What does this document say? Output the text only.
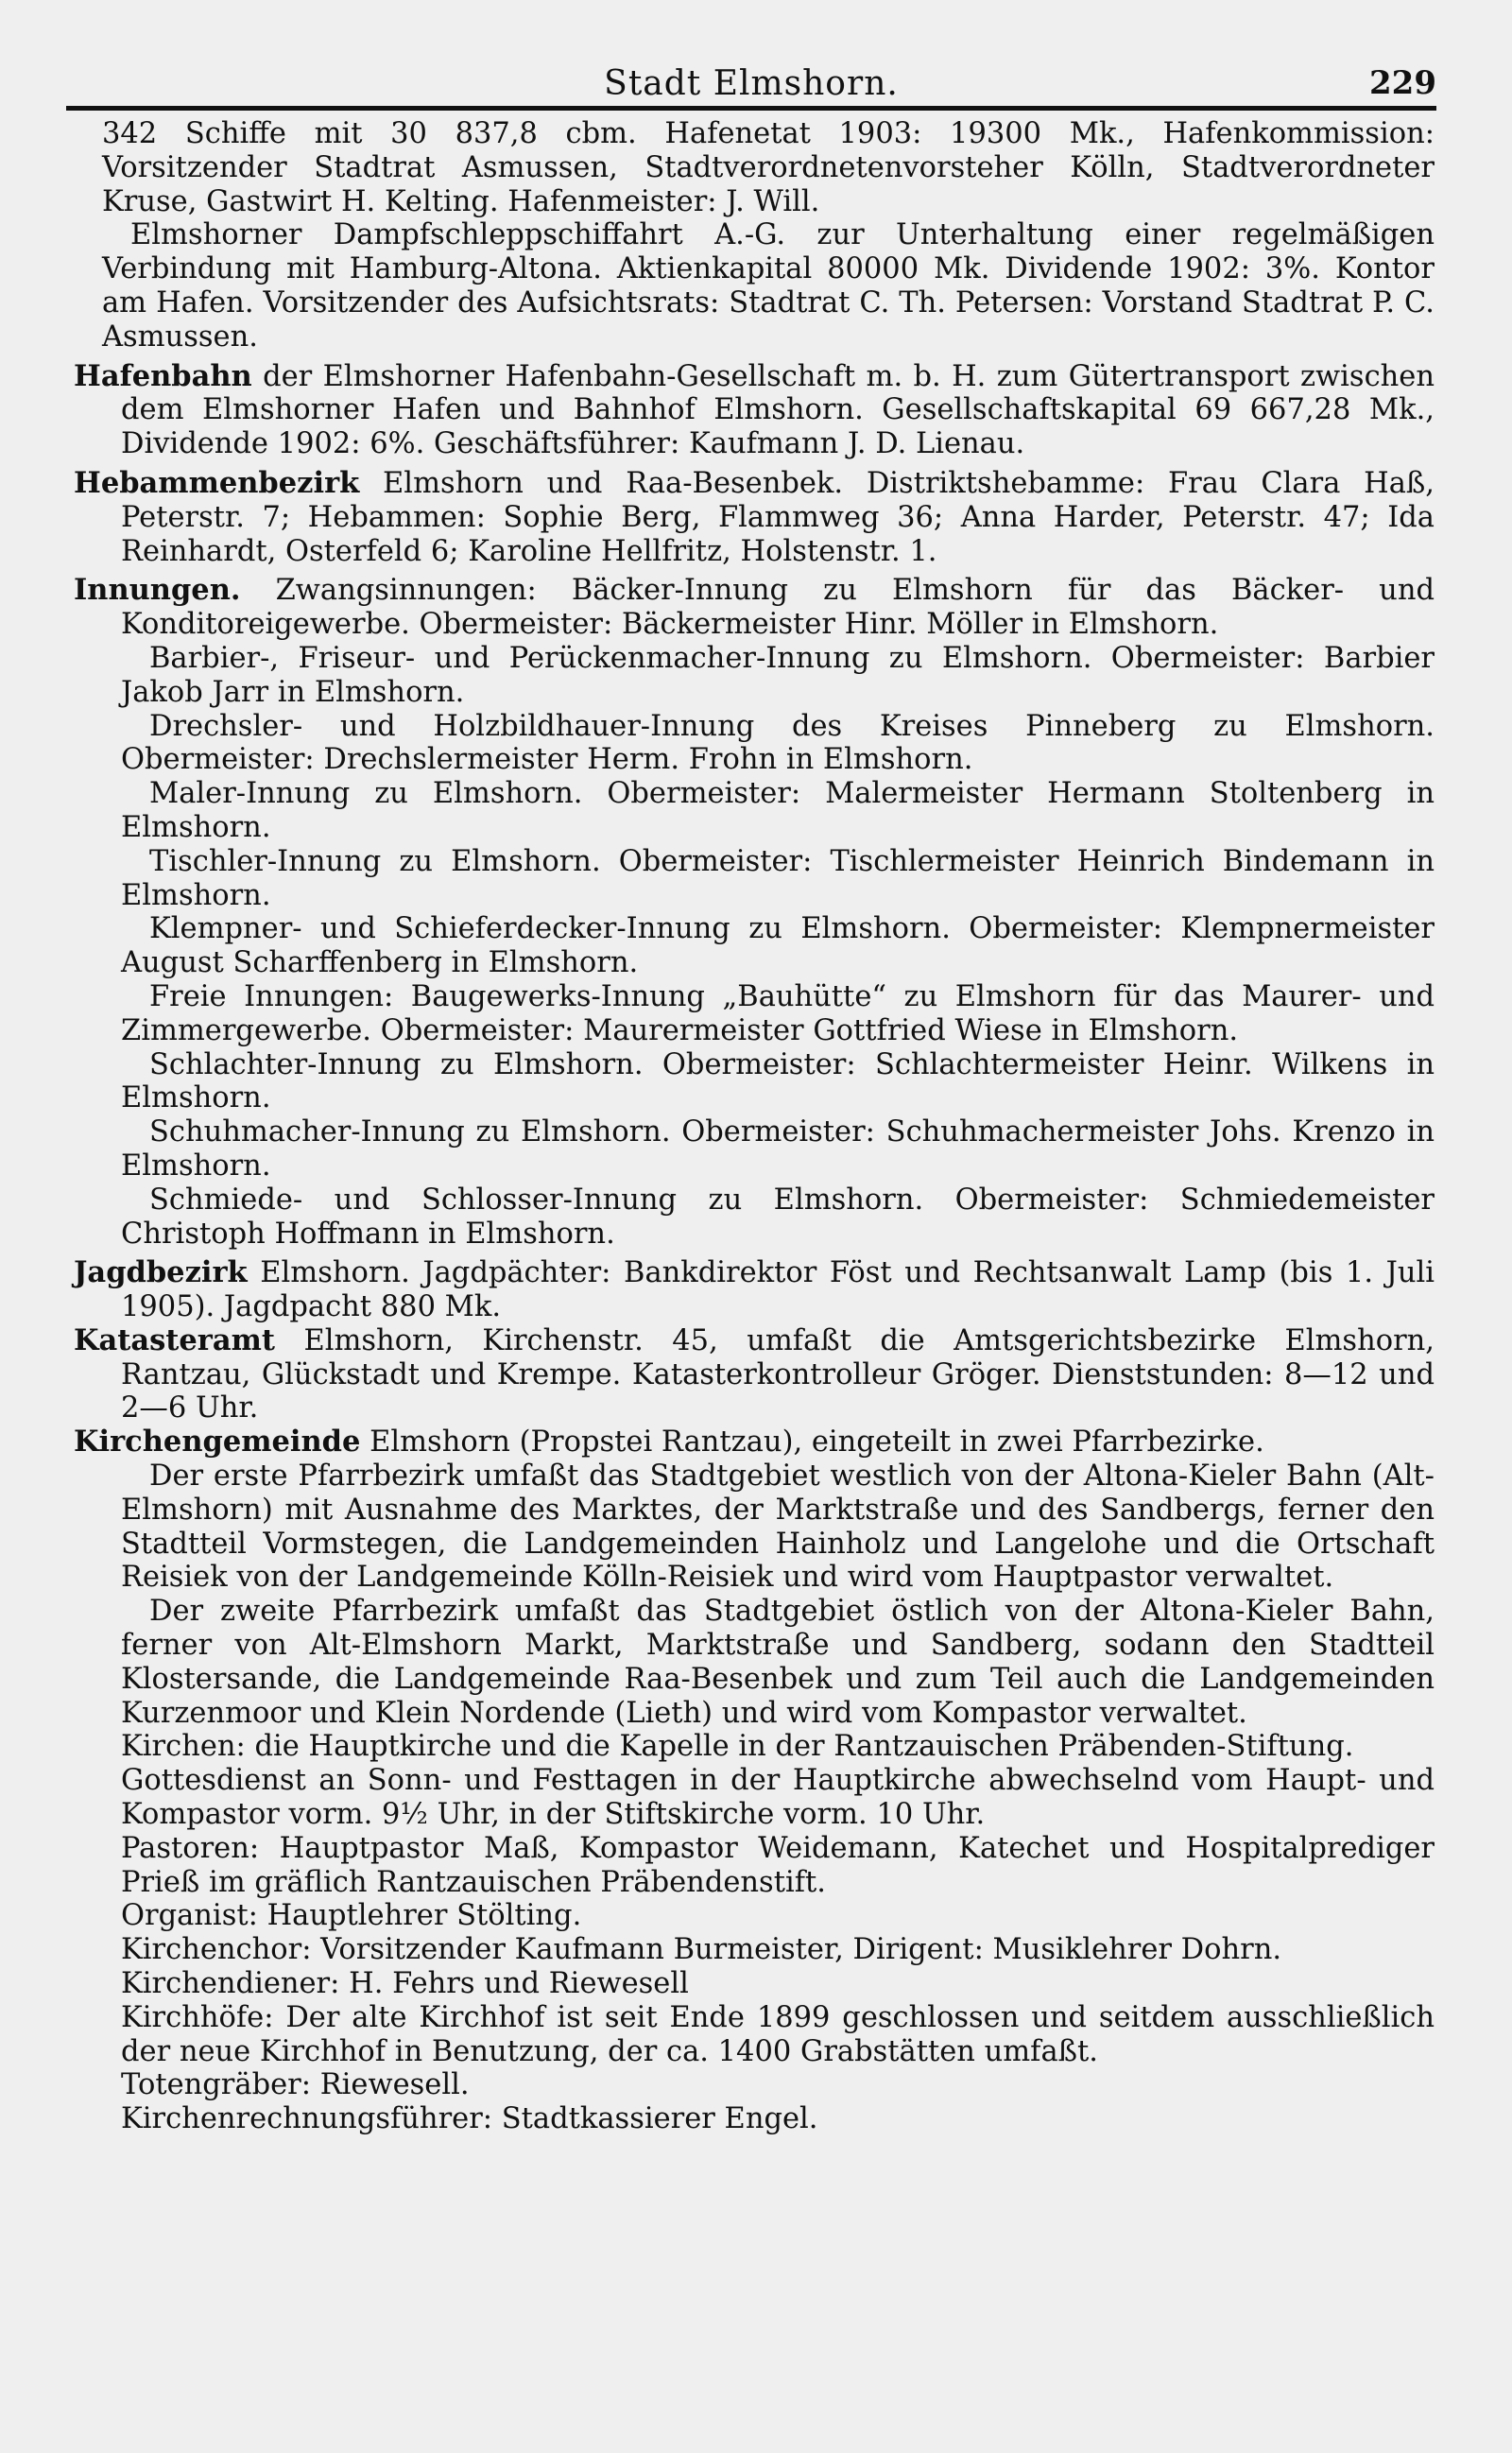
Stadt Elmshorn.	229

342 Schiffe mit 30 837,8 cbm. Hafenetat 1903: 19300 Mk., Hafenkommission: Vorsitzender Stadtrat Asmussen, Stadtverordnetenvorsteher Kölln, Stadtverordneter Kruse, Gastwirt H. Kelting. Hafenmeister: J. Will.

Elmshorner Dampfschleppschiffahrt A.-G. zur Unterhaltung einer regelmäßigen Verbindung mit Hamburg-Altona. Aktienkapital 80000 Mk. Dividende 1902: 3%. Kontor am Hafen. Vorsitzender des Aufsichtsrats: Stadtrat C. Th. Petersen: Vorstand Stadtrat P. C. Asmussen.

Hafenbahn der Elmshorner Hafenbahn-Gesellschaft m. b. H. zum Gütertransport zwischen dem Elmshorner Hafen und Bahnhof Elmshorn. Gesellschaftskapital 69 667,28 Mk., Dividende 1902: 6%. Geschäftsführer: Kaufmann J. D. Lienau.

Hebammenbezirk Elmshorn und Raa-Besenbek. Distriktshebamme: Frau Clara Haß, Peterstr. 7; Hebammen: Sophie Berg, Flammweg 36; Anna Harder, Peterstr. 47; Ida Reinhardt, Osterfeld 6; Karoline Hellfritz, Holstenstr. 1.

Innungen. Zwangsinnungen: Bäcker-Innung zu Elmshorn für das Bäcker- und Konditoreigewerbe. Obermeister: Bäckermeister Hinr. Möller in Elmshorn.

Barbier-, Friseur- und Perückenmacher-Innung zu Elmshorn. Obermeister: Barbier Jakob Jarr in Elmshorn.

Drechsler- und Holzbildhauer-Innung des Kreises Pinneberg zu Elmshorn. Obermeister: Drechslermeister Herm. Frohn in Elmshorn.

Maler-Innung zu Elmshorn. Obermeister: Malermeister Hermann Stoltenberg in Elmshorn.

Tischler-Innung zu Elmshorn. Obermeister: Tischlermeister Heinrich Bindemann in Elmshorn.

Klempner- und Schieferdecker-Innung zu Elmshorn. Obermeister: Klempnermeister August Scharffenberg in Elmshorn.

Freie Innungen: Baugewerks-Innung „Bauhütte“ zu Elmshorn für das Maurer- und Zimmergewerbe. Obermeister: Maurermeister Gottfried Wiese in Elmshorn.

Schlachter-Innung zu Elmshorn. Obermeister: Schlachtermeister Heinr. Wilkens in Elmshorn.

Schuhmacher-Innung zu Elmshorn. Obermeister: Schuhmachermeister Johs. Krenzo in Elmshorn.

Schmiede- und Schlosser-Innung zu Elmshorn. Obermeister: Schmiedemeister Christoph Hoffmann in Elmshorn.

Jagdbezirk Elmshorn. Jagdpächter: Bankdirektor Föst und Rechtsanwalt Lamp (bis 1. Juli 1905). Jagdpacht 880 Mk.

Katasteramt Elmshorn, Kirchenstr. 45, umfaßt die Amtsgerichtsbezirke Elmshorn, Rantzau, Glückstadt und Krempe. Katasterkontrolleur Gröger. Dienststunden: 8—12 und 2—6 Uhr.

Kirchengemeinde Elmshorn (Propstei Rantzau), eingeteilt in zwei Pfarrbezirke.

Der erste Pfarrbezirk umfaßt das Stadtgebiet westlich von der Altona-Kieler Bahn (Alt-Elmshorn) mit Ausnahme des Marktes, der Marktstraße und des Sandbergs, ferner den Stadtteil Vormstegen, die Landgemeinden Hainholz und Langelohe und die Ortschaft Reisiek von der Landgemeinde Kölln-Reisiek und wird vom Hauptpastor verwaltet.

Der zweite Pfarrbezirk umfaßt das Stadtgebiet östlich von der Altona-Kieler Bahn, ferner von Alt-Elmshorn Markt, Marktstraße und Sandberg, sodann den Stadtteil Klostersande, die Landgemeinde Raa-Besenbek und zum Teil auch die Landgemeinden Kurzenmoor und Klein Nordende (Lieth) und wird vom Kompastor verwaltet.

Kirchen: die Hauptkirche und die Kapelle in der Rantzauischen Präbenden-Stiftung.

Gottesdienst an Sonn- und Festtagen in der Hauptkirche abwechselnd vom Haupt- und Kompastor vorm. 9½ Uhr, in der Stiftskirche vorm. 10 Uhr.

Pastoren: Hauptpastor Maß, Kompastor Weidemann, Katechet und Hospitalprediger Prieß im gräflich Rantzauischen Präbendenstift.

Organist: Hauptlehrer Stölting.

Kirchenchor: Vorsitzender Kaufmann Burmeister, Dirigent: Musiklehrer Dohrn.

Kirchendiener: H. Fehrs und Riewesell

Kirchhöfe: Der alte Kirchhof ist seit Ende 1899 geschlossen und seitdem ausschließlich der neue Kirchhof in Benutzung, der ca. 1400 Grabstätten umfaßt.

Totengräber: Riewesell.

Kirchenrechnungsführer: Stadtkassierer Engel.
